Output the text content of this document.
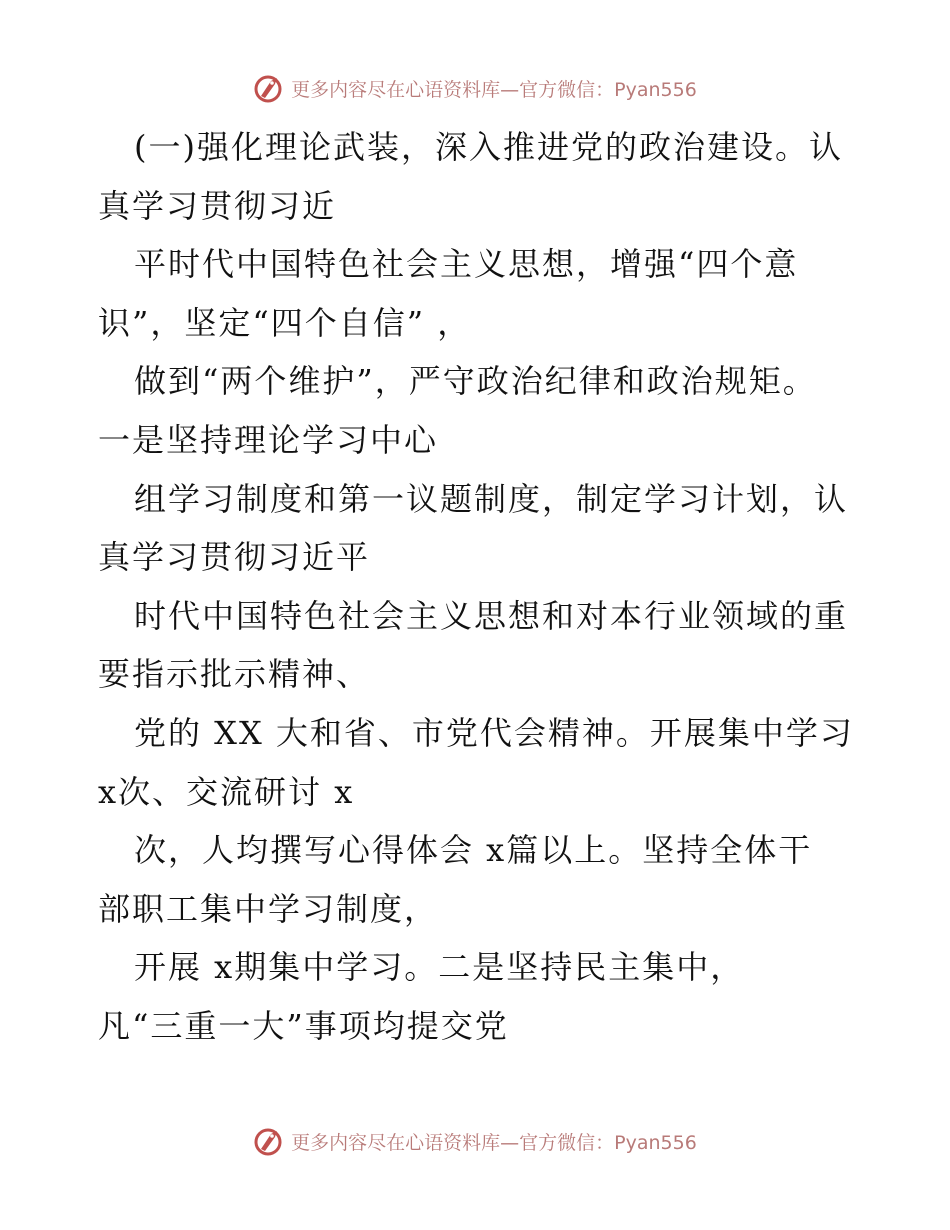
更多内容尽在心语资料库—官方微信：Pyan556
(一)强化理论武装，深入推进党的政治建设。认
真学习贯彻习近
平时代中国特色社会主义思想，增强“四个意
识”，坚定“四个自信” ，
做到“两个维护”，严守政治纪律和政治规矩。
一是坚持理论学习中心
组学习制度和第一议题制度，制定学习计划，认
真学习贯彻习近平
时代中国特色社会主义思想和对本行业领域的重
要指示批示精神、
党的 XX 大和省、市党代会精神。开展集中学习
x次、交流研讨 x
次，人均撰写心得体会 x篇以上。坚持全体干
部职工集中学习制度，
开展 x期集中学习。二是坚持民主集中，
凡“三重一大”事项均提交党
更多内容尽在心语资料库—官方微信：Pyan556
